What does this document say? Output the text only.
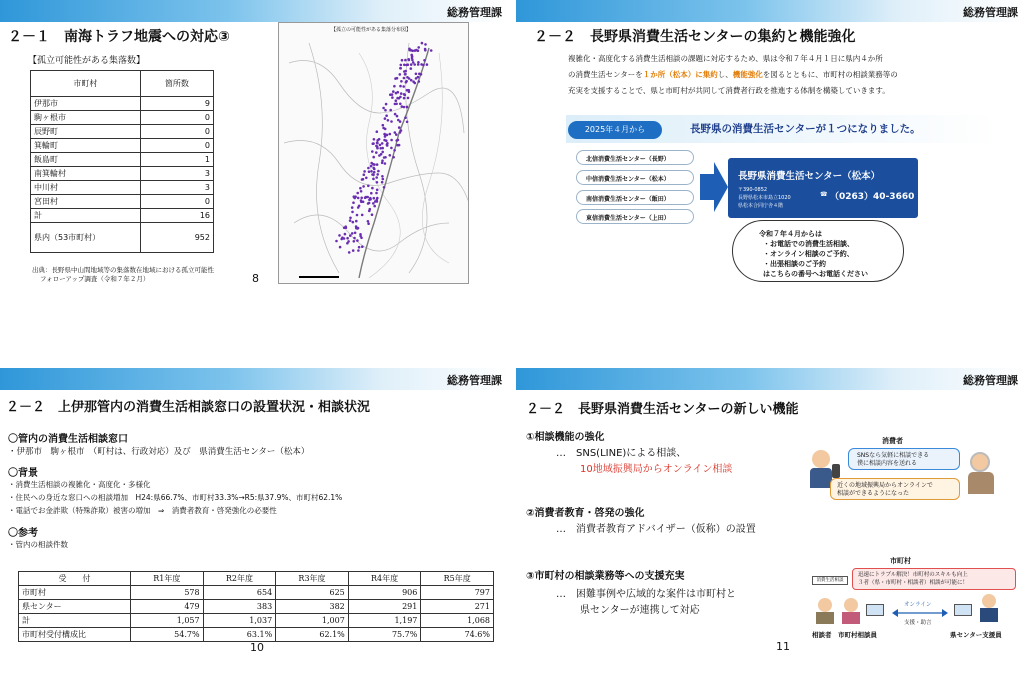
総務管理課
２－１　南海トラフ地震への対応③
【孤立可能性がある集落数】
市町村	箇所数
伊那市	9
駒ヶ根市	0
辰野町	0
箕輪町	0
飯島町	1
南箕輪村	3
中川村	3
宮田村	0
計	16
県内（53市町村）	952
出典：長野県中山間地域等の集落数在地域における孤立可能性
フォローアップ調査（令和７年２月）	8
【孤立の可能性がある集落分布図】
総務管理課
２－２　長野県消費生活センターの集約と機能強化
複雑化・高度化する消費生活相談の課題に対応するため、県は令和７年４月１日に県内４か所
の消費生活センターを１か所（松本）に集約し、機能強化を図るとともに、市町村の相談業務等の
充実を支援することで、県と市町村が共同して消費者行政を推進する体制を構築していきます。
2025年４月から	長野県の消費生活センターが１つになりました。
北信消費生活センター（長野）
中信消費生活センター（松本）
南信消費生活センター（飯田）
東信消費生活センター（上田）
長野県消費生活センター（松本）
〒390-0852
長野県松本市島立1020
県松本合同庁舎４階
☎ （0263）40-3660
令和７年４月からは
・お電話での消費生活相談、
・オンライン相談のご予約、
・出張相談のご予約
はこちらの番号へお電話ください
総務管理課
２－２　上伊那管内の消費生活相談窓口の設置状況・相談状況
〇管内の消費生活相談窓口
・伊那市　駒ヶ根市　（町村は、行政対応）及び　県消費生活センター（松本）
〇背景
・消費生活相談の複雑化・高度化・多様化
・住民への身近な窓口への相談増加　H24:県66.7%、市町村33.3%→R5:県37.9%、市町村62.1%
・電話でお金詐欺（特殊詐欺）被害の増加　⇒　消費者教育・啓発強化の必要性
〇参考
・管内の相談件数
受　　付	R1年度	R2年度	R3年度	R4年度	R5年度
市町村	578	654	625	906	797
県センター	479	383	382	291	271
計	1,057	1,037	1,007	1,197	1,068
市町村受付構成比	54.7%	63.1%	62.1%	75.7%	74.6%
10
総務管理課
２－２　長野県消費生活センターの新しい機能
①相談機能の強化
…　SNS(LINE)による相談、
10地域振興局からオンライン相談
②消費者教育・啓発の強化
…　消費者教育アドバイザー（仮称）の設置
③市町村の相談業務等への支援充実
…　困難事例や広域的な案件は市町村と
県センターが連携して対応
消費者
SNSなら気軽に相談できる
僕に相談内容を送れる
近くの地域振興局からオンラインで
相談ができるようになった
市町村
消費生活相談
迅速にトラブル解決！市町村のスキルも向上
３者（県・市町村・相談者）相談が可能に！
オンライン
支援・助言
相談者 市町村相談員	県センター支援員
11
